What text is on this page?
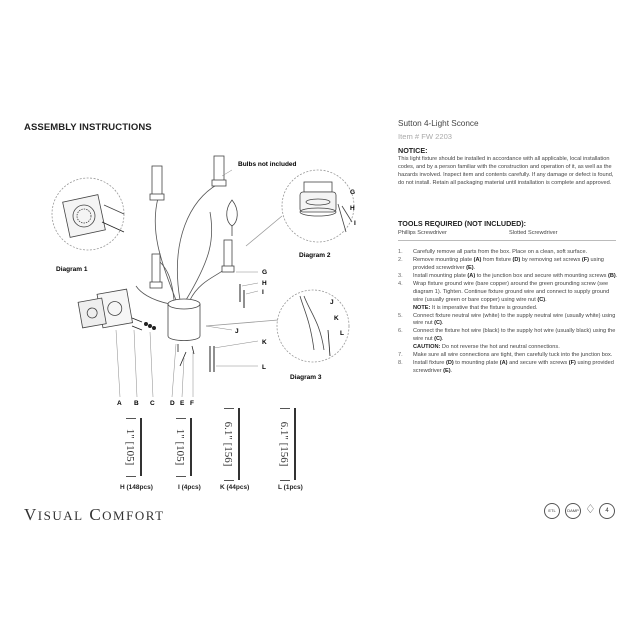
ASSEMBLY INSTRUCTIONS	Sutton 4-Light Sconce
Item # FW 2203
NOTICE:
This light fixture should be installed in accordance with all applicable, local installation codes, and by a person familiar with the construction and operation of it, as well as the hazards involved. Inspect item and contents carefully. If any damage or defect is found, do not install. Retain all packaging material until installation is complete and approved.
TOOLS REQUIRED (NOT INCLUDED):
Phillips Screwdriver	Slotted Screwdriver
1. Carefully remove all parts from the box. Place on a clean, soft surface.
2. Remove mounting plate (A) from fixture (D) by removing set screws (F) using provided screwdriver (E).
3. Install mounting plate (A) to the junction box and secure with mounting screws (B).
4. Wrap fixture ground wire (bare copper) around the green grounding screw (see diagram 1). Tighten. Continue fixture ground wire and connect to supply ground wire (usually green or bare copper) using wire nut (C).
NOTE: It is imperative that the fixture is grounded.
5. Connect fixture neutral wire (white) to the supply neutral wire (usually white) using wire nut (C).
6. Connect the fixture hot wire (black) to the supply hot wire (usually black) using the wire nut (C).
CAUTION: Do not reverse the hot and neutral connections.
7. Make sure all wire connections are tight, then carefully tuck into the junction box.
8. Install fixture (D) to mounting plate (A) and secure with screws (F) using provided screwdriver (E).
Bulbs not included
Diagram 1
Diagram 2
Diagram 3
A B C D E F
G
H
I
J
K
L
G
H
I
J
K
L
1" [105]
H (148pcs)
1" [105]
I (4pcs)
6.1" [156]
K (44pcs)
6.1" [156]
L (1pcs)
VISUAL COMFORT	ETL	DAMP ♢	4
